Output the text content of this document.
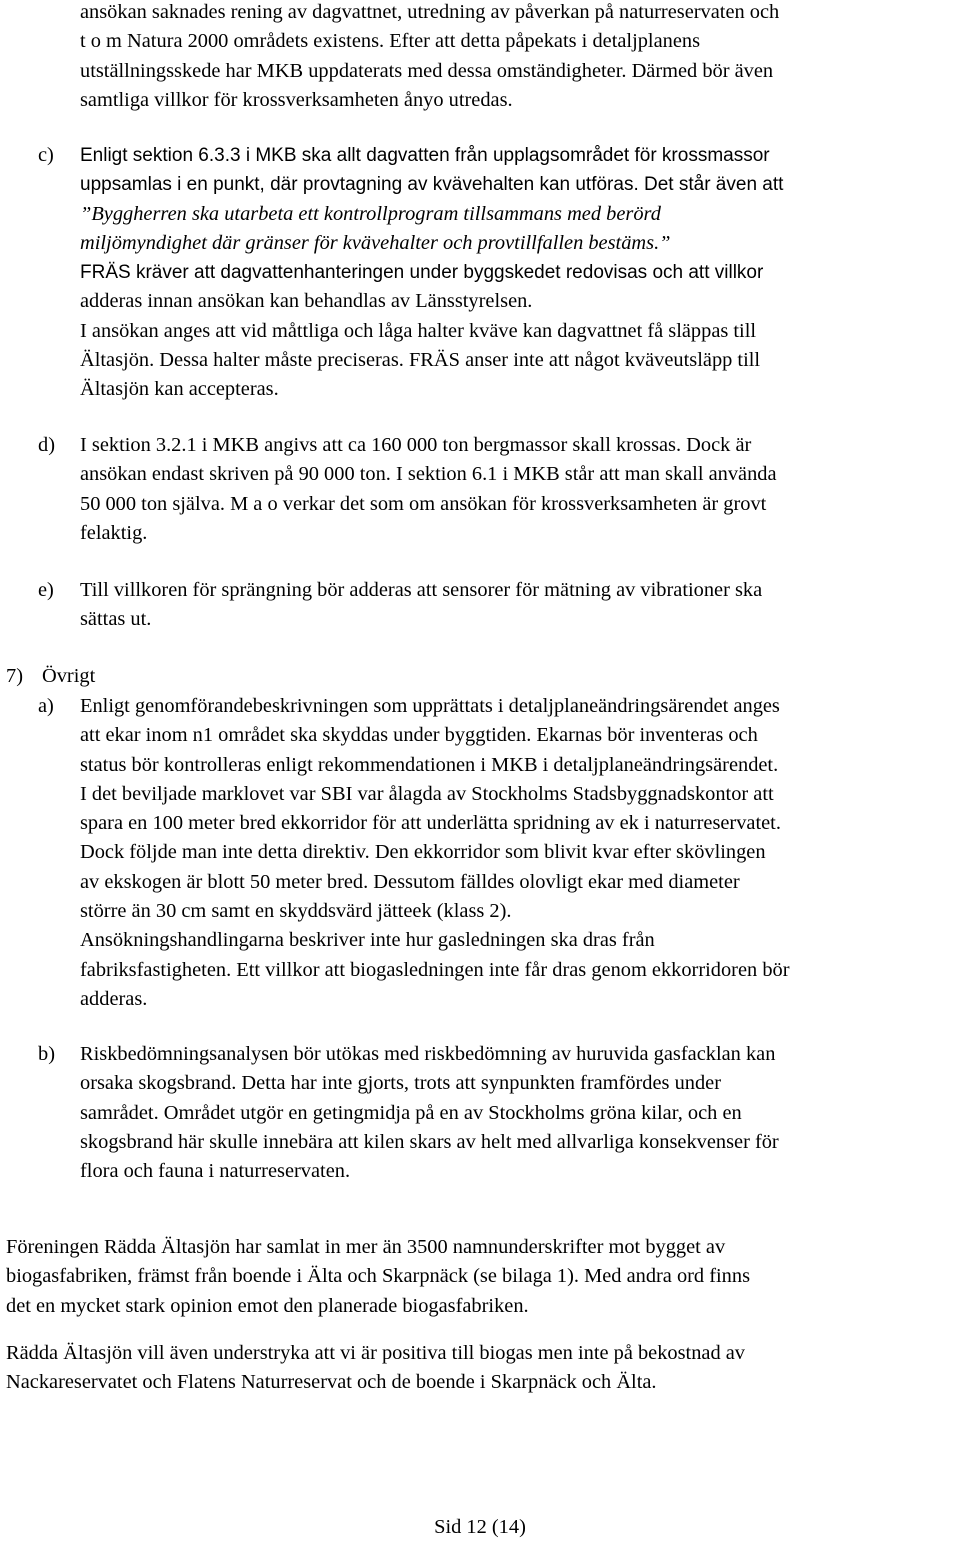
ansökan saknades rening av dagvattnet, utredning av påverkan på naturreservaten och

t o m Natura 2000 områdets existens. Efter att detta påpekats i detaljplanens

utställningsskede har MKB uppdaterats med dessa omständigheter. Därmed bör även

samtliga villkor för krossverksamheten ånyo utredas.

c) Enligt sektion 6.3.3 i MKB ska allt dagvatten från upplagsområdet för krossmassor

uppsamlas i en punkt, där provtagning av kvävehalten kan utföras. Det står även att

”Byggherren ska utarbeta ett kontrollprogram tillsammans med berörd

miljömyndighet där gränser för kvävehalter och provtillfallen bestäms.”

FRÄS kräver att dagvattenhanteringen under byggskedet redovisas och att villkor

adderas innan ansökan kan behandlas av Länsstyrelsen.

I ansökan anges att vid måttliga och låga halter kväve kan dagvattnet få släppas till

Ältasjön. Dessa halter måste preciseras. FRÄS anser inte att något kväveutsläpp till

Ältasjön kan accepteras.

d) I sektion 3.2.1 i MKB angivs att ca 160 000 ton bergmassor skall krossas. Dock är

ansökan endast skriven på 90 000 ton. I sektion 6.1 i MKB står att man skall använda

50 000 ton själva. M a o verkar det som om ansökan för krossverksamheten är grovt

felaktig.

e) Till villkoren för sprängning bör adderas att sensorer för mätning av vibrationer ska

sättas ut.

7) Övrigt
a) Enligt genomförandebeskrivningen som upprättats i detaljplaneändringsärendet anges

att ekar inom n1 området ska skyddas under byggtiden. Ekarnas bör inventeras och

status bör kontrolleras enligt rekommendationen i MKB i detaljplaneändringsärendet.

I det beviljade marklovet var SBI var ålagda av Stockholms Stadsbyggnadskontor att

spara en 100 meter bred ekkorridor för att underlätta spridning av ek i naturreservatet.

Dock följde man inte detta direktiv. Den ekkorridor som blivit kvar efter skövlingen

av ekskogen är blott 50 meter bred. Dessutom fälldes olovligt ekar med diameter

större än 30 cm samt en skyddsvärd jätteek (klass 2).

Ansökningshandlingarna beskriver inte hur gasledningen ska dras från

fabriksfastigheten. Ett villkor att biogasledningen inte får dras genom ekkorridoren bör

adderas.

b) Riskbedömningsanalysen bör utökas med riskbedömning av huruvida gasfacklan kan

orsaka skogsbrand. Detta har inte gjorts, trots att synpunkten framfördes under

samrådet. Området utgör en getingmidja på en av Stockholms gröna kilar, och en

skogsbrand här skulle innebära att kilen skars av helt med allvarliga konsekvenser för

flora och fauna i naturreservaten.

Föreningen Rädda Ältasjön har samlat in mer än 3500 namnunderskrifter mot bygget av

biogasfabriken, främst från boende i Älta och Skarpnäck (se bilaga 1). Med andra ord finns

det en mycket stark opinion emot den planerade biogasfabriken.

Rädda Ältasjön vill även understryka att vi är positiva till biogas men inte på bekostnad av

Nackareservatet och Flatens Naturreservat och de boende i Skarpnäck och Älta.

Sid 12 (14)
